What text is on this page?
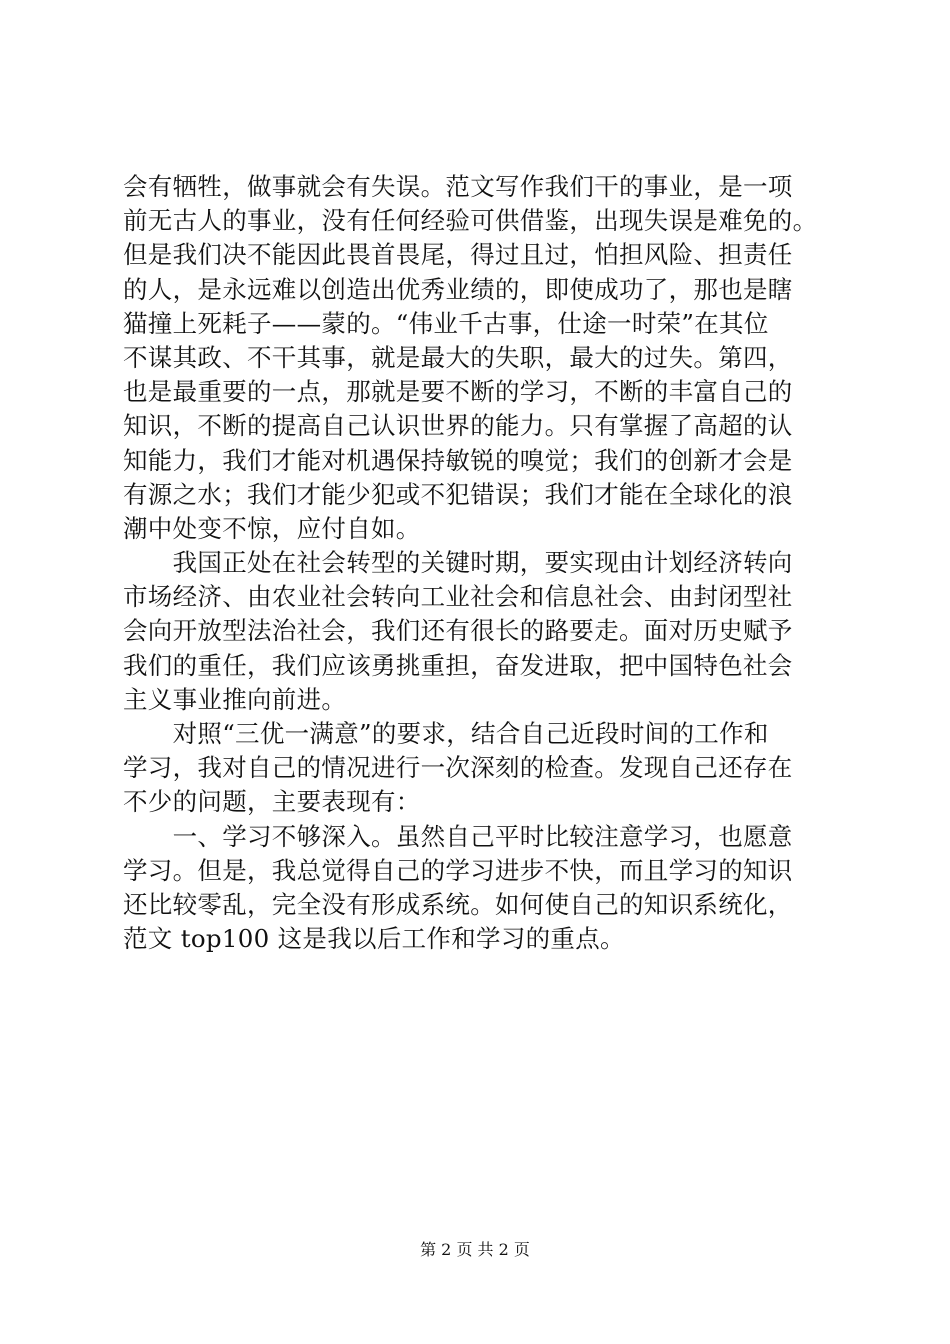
会有牺牲，做事就会有失误。范文写作我们干的事业，是一项
前无古人的事业，没有任何经验可供借鉴，出现失误是难免的。
但是我们决不能因此畏首畏尾，得过且过，怕担风险、担责任
的人，是永远难以创造出优秀业绩的，即使成功了，那也是瞎
猫撞上死耗子——蒙的。“伟业千古事，仕途一时荣”在其位
不谋其政、不干其事，就是最大的失职，最大的过失。第四，
也是最重要的一点，那就是要不断的学习，不断的丰富自己的
知识，不断的提高自己认识世界的能力。只有掌握了高超的认
知能力，我们才能对机遇保持敏锐的嗅觉；我们的创新才会是
有源之水；我们才能少犯或不犯错误；我们才能在全球化的浪
潮中处变不惊，应付自如。
　　我国正处在社会转型的关键时期，要实现由计划经济转向
市场经济、由农业社会转向工业社会和信息社会、由封闭型社
会向开放型法治社会，我们还有很长的路要走。面对历史赋予
我们的重任，我们应该勇挑重担，奋发进取，把中国特色社会
主义事业推向前进。
　　对照“三优一满意”的要求，结合自己近段时间的工作和
学习，我对自己的情况进行一次深刻的检查。发现自己还存在
不少的问题，主要表现有：
　　一、学习不够深入。虽然自己平时比较注意学习，也愿意
学习。但是，我总觉得自己的学习进步不快，而且学习的知识
还比较零乱，完全没有形成系统。如何使自己的知识系统化，
范文 top100 这是我以后工作和学习的重点。
第 2 页 共 2 页
